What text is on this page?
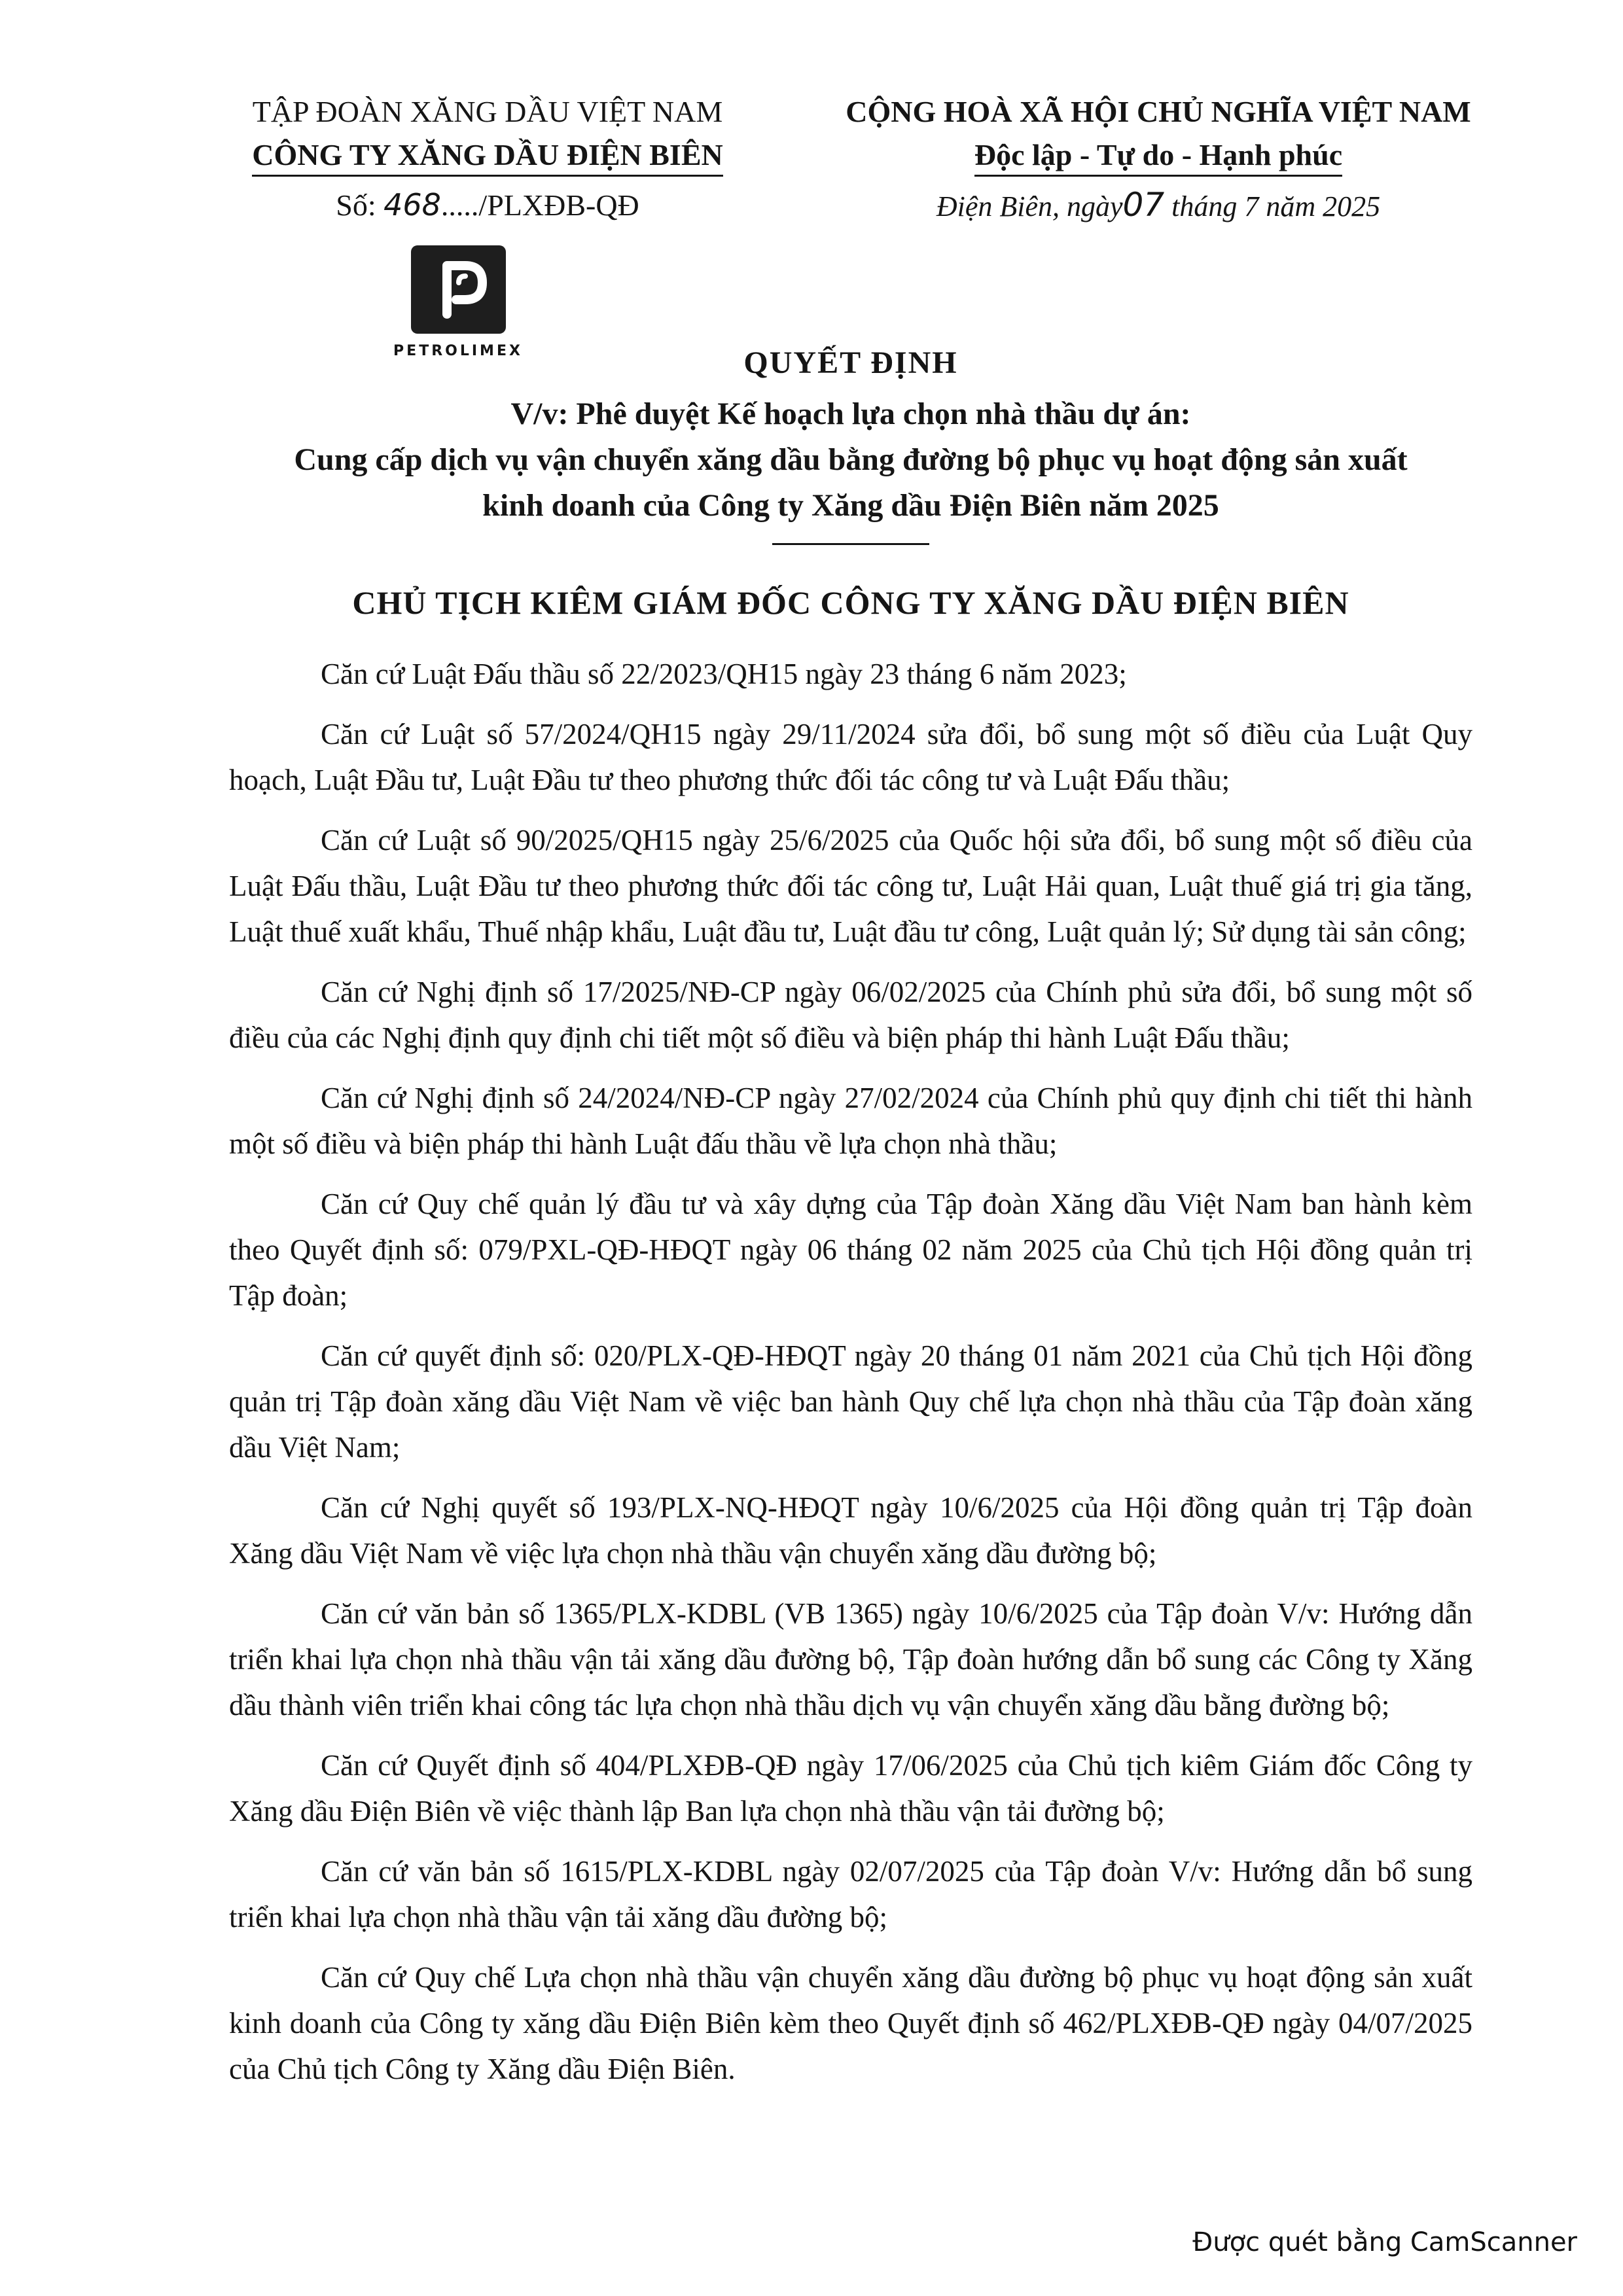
TẬP ĐOÀN XĂNG DẦU VIỆT NAM
CÔNG TY XĂNG DẦU ĐIỆN BIÊN
Số: 468...../PLXĐB-QĐ
CỘNG HOÀ XÃ HỘI CHỦ NGHĨA VIỆT NAM
Độc lập - Tự do - Hạnh phúc
Điện Biên, ngày07 tháng 7 năm 2025
PETROLIMEX	QUYẾT ĐỊNH
V/v: Phê duyệt Kế hoạch lựa chọn nhà thầu dự án:
Cung cấp dịch vụ vận chuyển xăng dầu bằng đường bộ phục vụ hoạt động sản xuất
kinh doanh của Công ty Xăng dầu Điện Biên năm 2025
CHỦ TỊCH KIÊM GIÁM ĐỐC CÔNG TY XĂNG DẦU ĐIỆN BIÊN

Căn cứ Luật Đấu thầu số 22/2023/QH15 ngày 23 tháng 6 năm 2023;

Căn cứ Luật số 57/2024/QH15 ngày 29/11/2024 sửa đổi, bổ sung một số điều của Luật Quy hoạch, Luật Đầu tư, Luật Đầu tư theo phương thức đối tác công tư và Luật Đấu thầu;

Căn cứ Luật số 90/2025/QH15 ngày 25/6/2025 của Quốc hội sửa đổi, bổ sung một số điều của Luật Đấu thầu, Luật Đầu tư theo phương thức đối tác công tư, Luật Hải quan, Luật thuế giá trị gia tăng, Luật thuế xuất khẩu, Thuế nhập khẩu, Luật đầu tư, Luật đầu tư công, Luật quản lý; Sử dụng tài sản công;

Căn cứ Nghị định số 17/2025/NĐ-CP ngày 06/02/2025 của Chính phủ sửa đổi, bổ sung một số điều của các Nghị định quy định chi tiết một số điều và biện pháp thi hành Luật Đấu thầu;

Căn cứ Nghị định số 24/2024/NĐ-CP ngày 27/02/2024 của Chính phủ quy định chi tiết thi hành một số điều và biện pháp thi hành Luật đấu thầu về lựa chọn nhà thầu;

Căn cứ Quy chế quản lý đầu tư và xây dựng của Tập đoàn Xăng dầu Việt Nam ban hành kèm theo Quyết định số: 079/PXL-QĐ-HĐQT ngày 06 tháng 02 năm 2025 của Chủ tịch Hội đồng quản trị Tập đoàn;

Căn cứ quyết định số: 020/PLX-QĐ-HĐQT ngày 20 tháng 01 năm 2021 của Chủ tịch Hội đồng quản trị Tập đoàn xăng dầu Việt Nam về việc ban hành Quy chế lựa chọn nhà thầu của Tập đoàn xăng dầu Việt Nam;

Căn cứ Nghị quyết số 193/PLX-NQ-HĐQT ngày 10/6/2025 của Hội đồng quản trị Tập đoàn Xăng dầu Việt Nam về việc lựa chọn nhà thầu vận chuyển xăng dầu đường bộ;

Căn cứ văn bản số 1365/PLX-KDBL (VB 1365) ngày 10/6/2025 của Tập đoàn V/v: Hướng dẫn triển khai lựa chọn nhà thầu vận tải xăng dầu đường bộ, Tập đoàn hướng dẫn bổ sung các Công ty Xăng dầu thành viên triển khai công tác lựa chọn nhà thầu dịch vụ vận chuyển xăng dầu bằng đường bộ;

Căn cứ Quyết định số 404/PLXĐB-QĐ ngày 17/06/2025 của Chủ tịch kiêm Giám đốc Công ty Xăng dầu Điện Biên về việc thành lập Ban lựa chọn nhà thầu vận tải đường bộ;

Căn cứ văn bản số 1615/PLX-KDBL ngày 02/07/2025 của Tập đoàn V/v: Hướng dẫn bổ sung triển khai lựa chọn nhà thầu vận tải xăng dầu đường bộ;

Căn cứ Quy chế Lựa chọn nhà thầu vận chuyển xăng dầu đường bộ phục vụ hoạt động sản xuất kinh doanh của Công ty xăng dầu Điện Biên kèm theo Quyết định số 462/PLXĐB-QĐ ngày 04/07/2025 của Chủ tịch Công ty Xăng dầu Điện Biên.

Được quét bằng CamScanner
